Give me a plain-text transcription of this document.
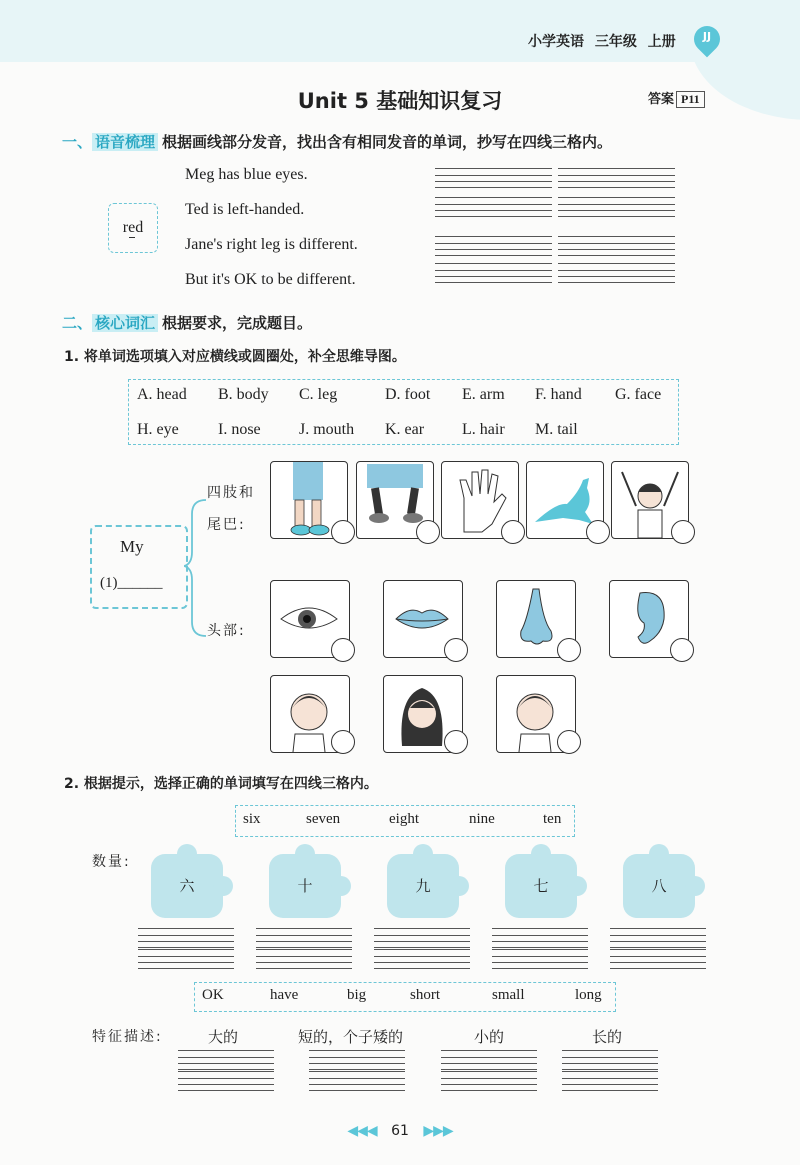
小学英语 三年级 上册	JJ
Unit 5 基础知识复习	答案 P11
一、 语音梳理 根据画线部分发音，找出含有相同发音的单词，抄写在四线三格内。
red
Meg has blue eyes.
Ted is left-handed.
Jane's right leg is different.
But it's OK to be different.
二、 核心词汇 根据要求，完成题目。
1. 将单词选项填入对应横线或圆圈处，补全思维导图。
A. head B. body C. leg	D. foot E. arm F. hand G. face
H. eye I. nose J. mouth K. ear L. hair M. tail
My
(1)______
四肢和尾巴:
头部:
2. 根据提示，选择正确的单词填写在四线三格内。
six	seven	eight	nine	ten
数量:
六	十	九	七	八
OK	have	big	short	small	long
特征描述:	大的	短的，个子矮的	小的	长的
◀◀◀ 61 ▶▶▶
